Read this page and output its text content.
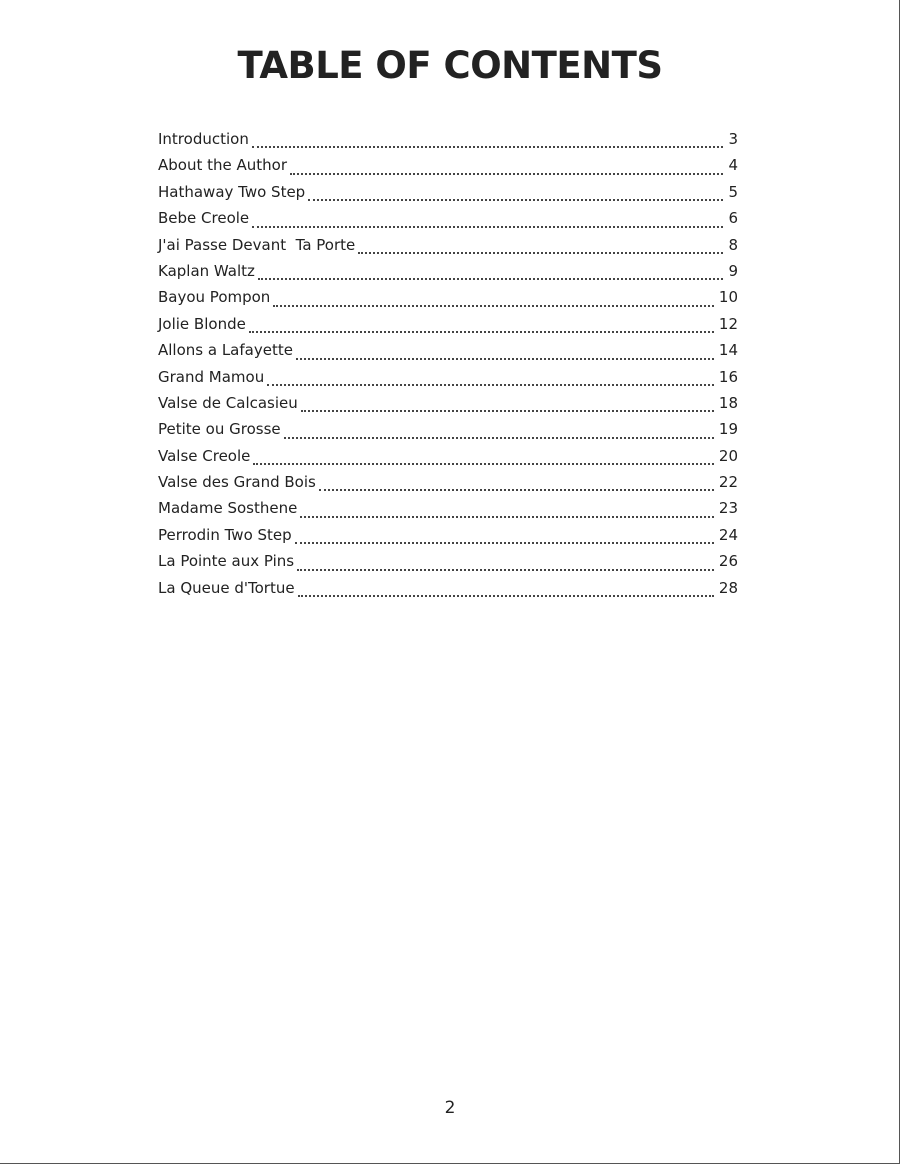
TABLE OF CONTENTS
Introduction	3
About the Author	4
Hathaway Two Step	5
Bebe Creole	6
J'ai Passe Devant  Ta Porte	8
Kaplan Waltz	9
Bayou Pompon	10
Jolie Blonde	12
Allons a Lafayette	14
Grand Mamou	16
Valse de Calcasieu	18
Petite ou Grosse	19
Valse Creole	20
Valse des Grand Bois	22
Madame Sosthene	23
Perrodin Two Step	24
La Pointe aux Pins	26
La Queue d'Tortue	28
2
